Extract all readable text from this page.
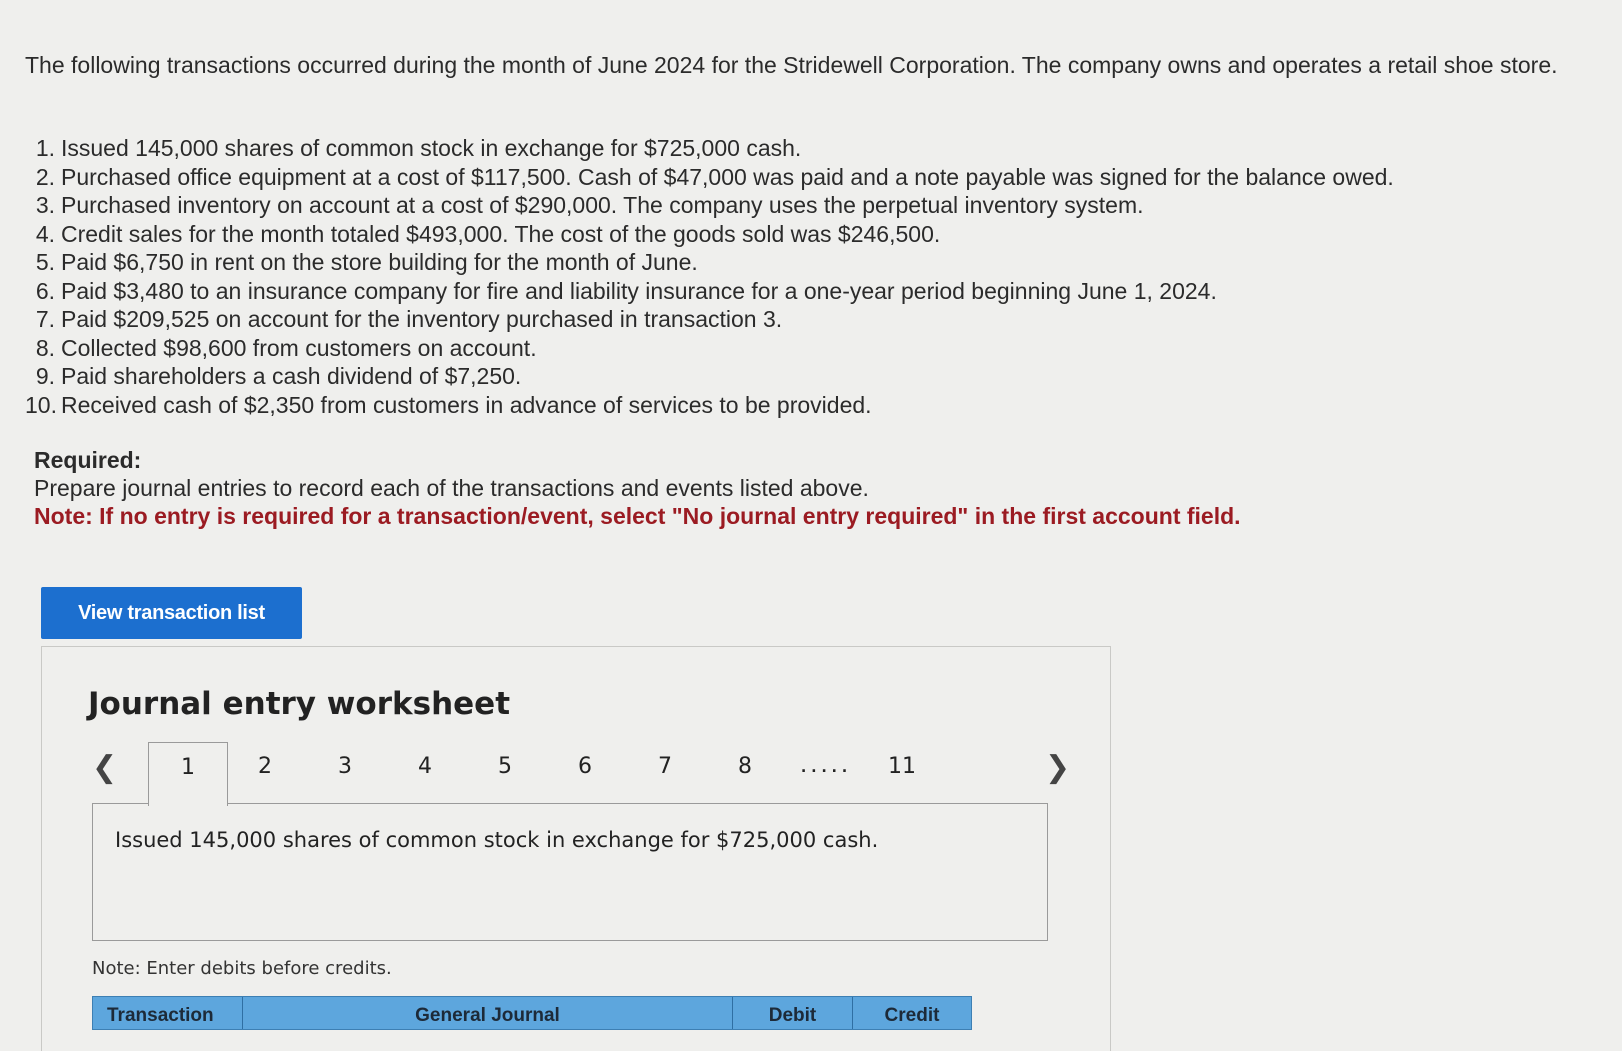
The following transactions occurred during the month of June 2024 for the Stridewell Corporation. The company owns and operates a retail shoe store.
1. Issued 145,000 shares of common stock in exchange for $725,000 cash.
2. Purchased office equipment at a cost of $117,500. Cash of $47,000 was paid and a note payable was signed for the balance owed.
3. Purchased inventory on account at a cost of $290,000. The company uses the perpetual inventory system.
4. Credit sales for the month totaled $493,000. The cost of the goods sold was $246,500.
5. Paid $6,750 in rent on the store building for the month of June.
6. Paid $3,480 to an insurance company for fire and liability insurance for a one-year period beginning June 1, 2024.
7. Paid $209,525 on account for the inventory purchased in transaction 3.
8. Collected $98,600 from customers on account.
9. Paid shareholders a cash dividend of $7,250.
10. Received cash of $2,350 from customers in advance of services to be provided.
Required:
Prepare journal entries to record each of the transactions and events listed above.
Note: If no entry is required for a transaction/event, select "No journal entry required" in the first account field.
View transaction list
Journal entry worksheet
❮	1	2	3	4	5	6	7	8 ..... 11	❯
Issued 145,000 shares of common stock in exchange for $725,000 cash.
Note: Enter debits before credits.
Transaction	General Journal	Debit	Credit
